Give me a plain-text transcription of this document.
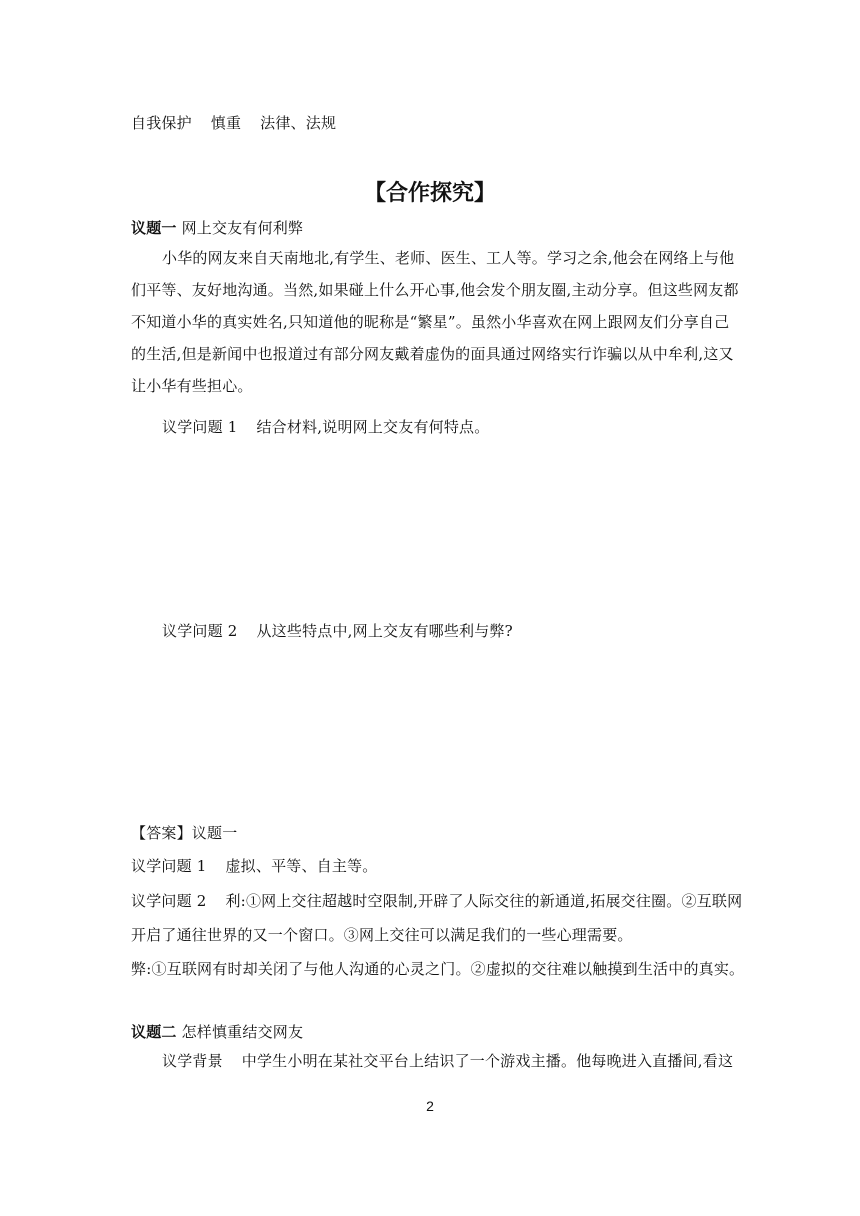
自我保护 慎重 法律、法规
【合作探究】
议题一 网上交友有何利弊
小华的网友来自天南地北,有学生、老师、医生、工人等。学习之余,他会在网络上与他
们平等、友好地沟通。当然,如果碰上什么开心事,他会发个朋友圈,主动分享。但这些网友都
不知道小华的真实姓名,只知道他的昵称是“繁星”。虽然小华喜欢在网上跟网友们分享自己
的生活,但是新闻中也报道过有部分网友戴着虚伪的面具通过网络实行诈骗以从中牟利,这又
让小华有些担心。
议学问题 1 结合材料,说明网上交友有何特点。
议学问题 2 从这些特点中,网上交友有哪些利与弊?
【答案】议题一
议学问题 1 虚拟、平等、自主等。
议学问题 2 利:①网上交往超越时空限制,开辟了人际交往的新通道,拓展交往圈。②互联网
开启了通往世界的又一个窗口。③网上交往可以满足我们的一些心理需要。
弊:①互联网有时却关闭了与他人沟通的心灵之门。②虚拟的交往难以触摸到生活中的真实。
议题二 怎样慎重结交网友
议学背景 中学生小明在某社交平台上结识了一个游戏主播。他每晚进入直播间,看这
2
